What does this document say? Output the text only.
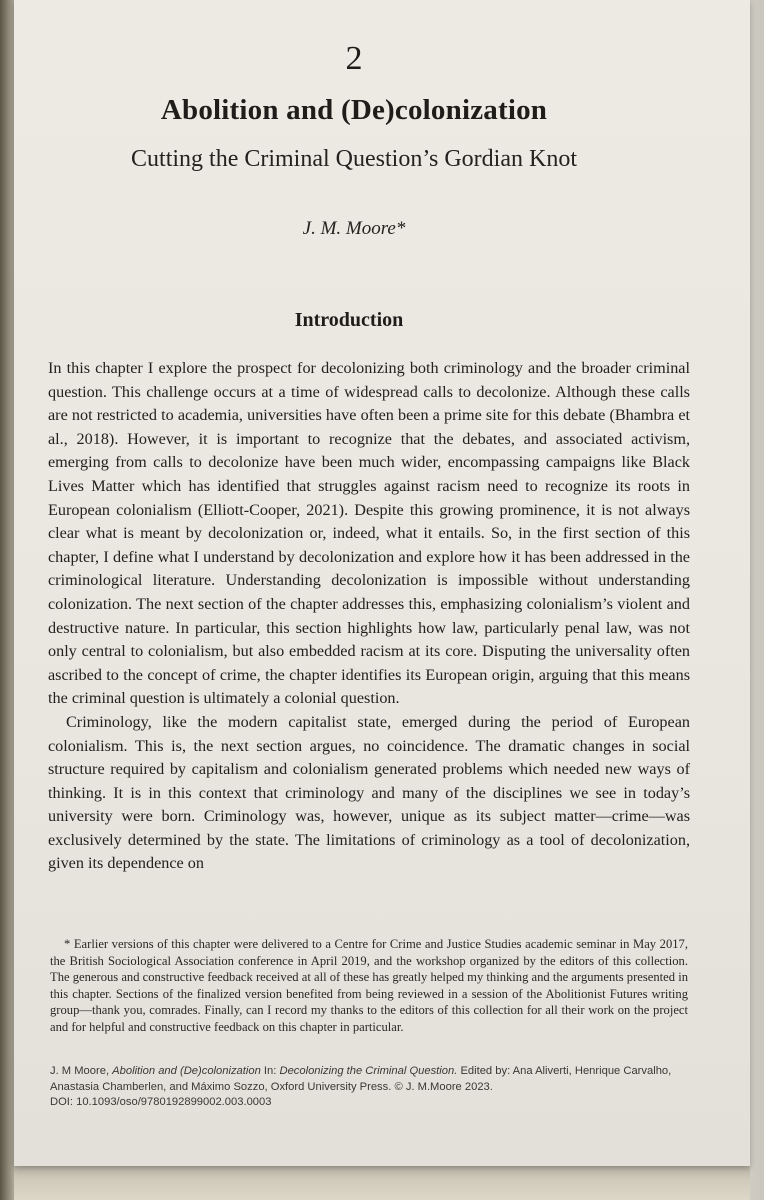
2
Abolition and (De)colonization
Cutting the Criminal Question’s Gordian Knot
J. M. Moore*
Introduction

In this chapter I explore the prospect for decolonizing both criminology and the broader criminal question. This challenge occurs at a time of widespread calls to decolonize. Although these calls are not restricted to academia, universities have often been a prime site for this debate (Bhambra et al., 2018). However, it is important to recognize that the debates, and associated activism, emerging from calls to decolonize have been much wider, encompassing campaigns like Black Lives Matter which has identified that struggles against racism need to recognize its roots in European colonialism (Elliott-Cooper, 2021). Despite this growing prominence, it is not always clear what is meant by decolonization or, indeed, what it entails. So, in the first section of this chapter, I define what I understand by decolonization and explore how it has been addressed in the criminological literature. Understanding decolonization is impossible without understanding colonization. The next section of the chapter addresses this, emphasizing colonialism’s violent and destructive nature. In particular, this section highlights how law, particularly penal law, was not only central to colonialism, but also embedded racism at its core. Disputing the universality often ascribed to the concept of crime, the chapter identifies its European origin, arguing that this means the criminal question is ultimately a colonial question.

Criminology, like the modern capitalist state, emerged during the period of European colonialism. This is, the next section argues, no coincidence. The dramatic changes in social structure required by capitalism and colonialism generated problems which needed new ways of thinking. It is in this context that criminology and many of the disciplines we see in today’s university were born. Criminology was, however, unique as its subject matter—crime—was exclusively determined by the state. The limitations of criminology as a tool of decolonization, given its dependence on

* Earlier versions of this chapter were delivered to a Centre for Crime and Justice Studies academic seminar in May 2017, the British Sociological Association conference in April 2019, and the workshop organized by the editors of this collection. The generous and constructive feedback received at all of these has greatly helped my thinking and the arguments presented in this chapter. Sections of the finalized version benefited from being reviewed in a session of the Abolitionist Futures writing group—thank you, comrades. Finally, can I record my thanks to the editors of this collection for all their work on the project and for helpful and constructive feedback on this chapter in particular.
J. M Moore, Abolition and (De)colonization In: Decolonizing the Criminal Question. Edited by: Ana Aliverti, Henrique Carvalho, Anastasia Chamberlen, and Máximo Sozzo, Oxford University Press. © J. M.Moore 2023.
DOI: 10.1093/oso/9780192899002.003.0003
